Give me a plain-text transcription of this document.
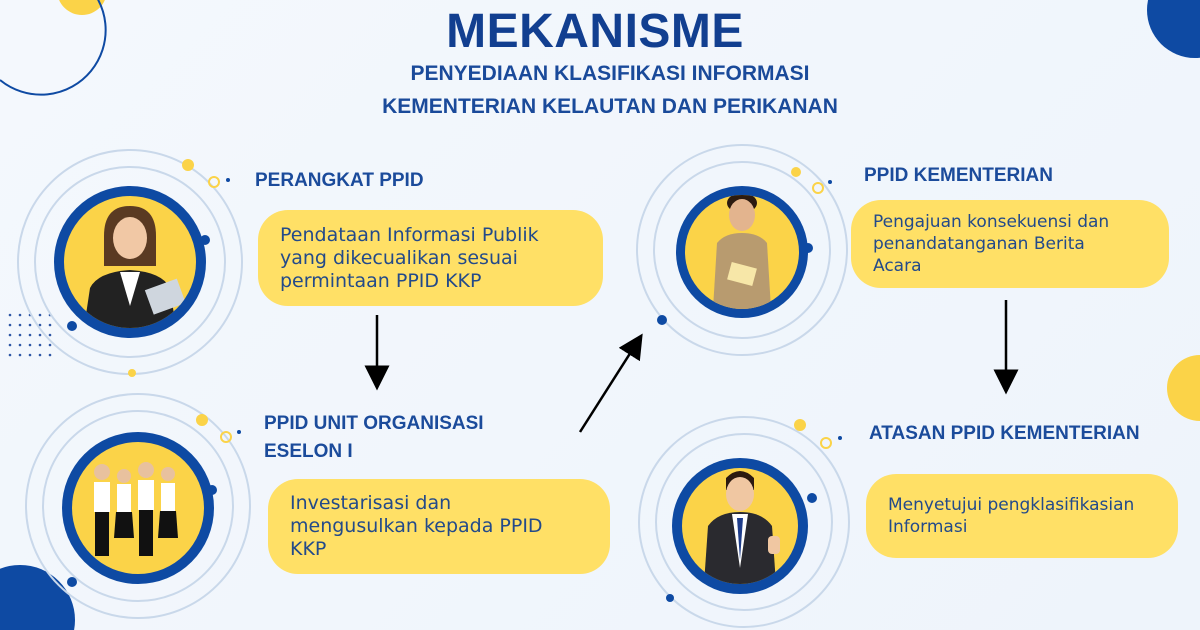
MEKANISME
PENYEDIAAN KLASIFIKASI INFORMASI
KEMENTERIAN KELAUTAN DAN PERIKANAN
PERANGKAT PPID
Pendataan Informasi Publik
yang dikecualikan sesuai
permintaan PPID KKP
PPID UNIT ORGANISASI
ESELON I
Investarisasi dan
mengusulkan kepada PPID
KKP
PPID KEMENTERIAN
Pengajuan konsekuensi dan
penandatanganan Berita
Acara
ATASAN PPID KEMENTERIAN
Menyetujui pengklasifikasian
Informasi
